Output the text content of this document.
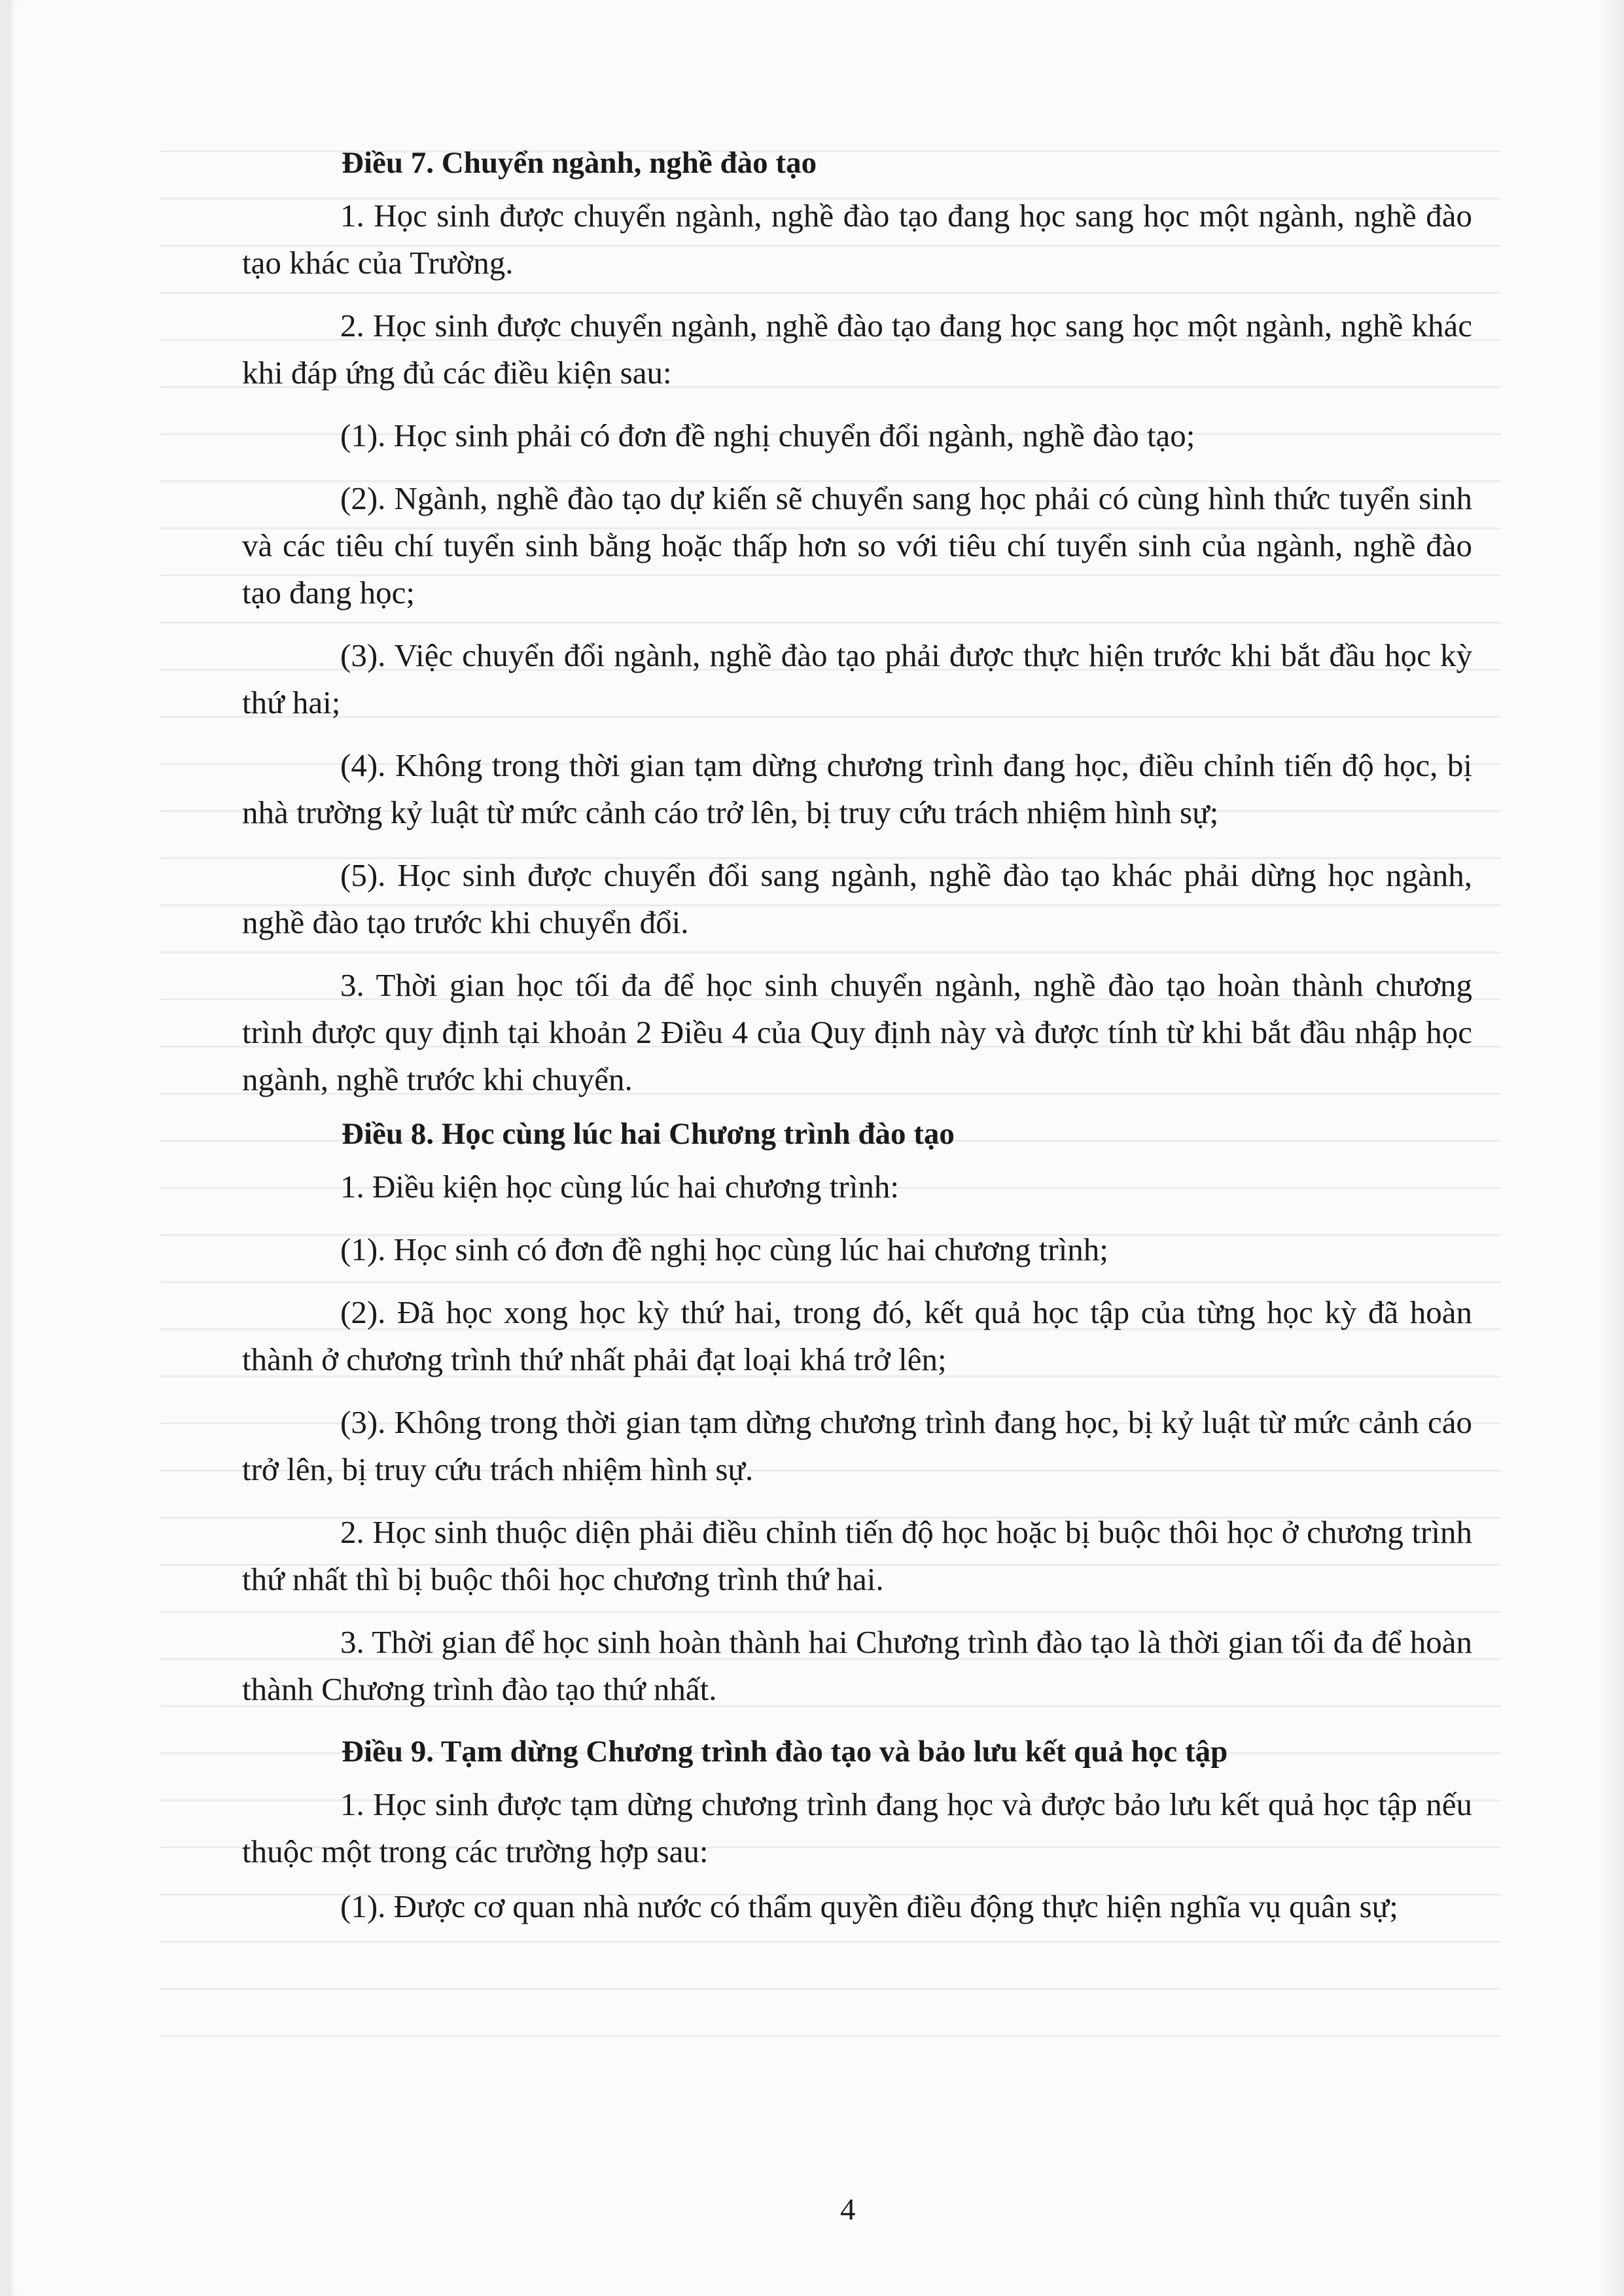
Điều 7. Chuyển ngành, nghề đào tạo

1. Học sinh được chuyển ngành, nghề đào tạo đang học sang học một ngành, nghề đào tạo khác của Trường.

2. Học sinh được chuyển ngành, nghề đào tạo đang học sang học một ngành, nghề khác khi đáp ứng đủ các điều kiện sau:

(1). Học sinh phải có đơn đề nghị chuyển đổi ngành, nghề đào tạo;

(2). Ngành, nghề đào tạo dự kiến sẽ chuyển sang học phải có cùng hình thức tuyển sinh và các tiêu chí tuyển sinh bằng hoặc thấp hơn so với tiêu chí tuyển sinh của ngành, nghề đào tạo đang học;

(3). Việc chuyển đổi ngành, nghề đào tạo phải được thực hiện trước khi bắt đầu học kỳ thứ hai;

(4). Không trong thời gian tạm dừng chương trình đang học, điều chỉnh tiến độ học, bị nhà trường kỷ luật từ mức cảnh cáo trở lên, bị truy cứu trách nhiệm hình sự;

(5). Học sinh được chuyển đổi sang ngành, nghề đào tạo khác phải dừng học ngành, nghề đào tạo trước khi chuyển đổi.

3. Thời gian học tối đa để học sinh chuyển ngành, nghề đào tạo hoàn thành chương trình được quy định tại khoản 2 Điều 4 của Quy định này và được tính từ khi bắt đầu nhập học ngành, nghề trước khi chuyển.

Điều 8. Học cùng lúc hai Chương trình đào tạo

1. Điều kiện học cùng lúc hai chương trình:

(1). Học sinh có đơn đề nghị học cùng lúc hai chương trình;

(2). Đã học xong học kỳ thứ hai, trong đó, kết quả học tập của từng học kỳ đã hoàn thành ở chương trình thứ nhất phải đạt loại khá trở lên;

(3). Không trong thời gian tạm dừng chương trình đang học, bị kỷ luật từ mức cảnh cáo trở lên, bị truy cứu trách nhiệm hình sự.

2. Học sinh thuộc diện phải điều chỉnh tiến độ học hoặc bị buộc thôi học ở chương trình thứ nhất thì bị buộc thôi học chương trình thứ hai.

3. Thời gian để học sinh hoàn thành hai Chương trình đào tạo là thời gian tối đa để hoàn thành Chương trình đào tạo thứ nhất.

Điều 9. Tạm dừng Chương trình đào tạo và bảo lưu kết quả học tập

1. Học sinh được tạm dừng chương trình đang học và được bảo lưu kết quả học tập nếu thuộc một trong các trường hợp sau:

(1). Được cơ quan nhà nước có thẩm quyền điều động thực hiện nghĩa vụ quân sự;

4
